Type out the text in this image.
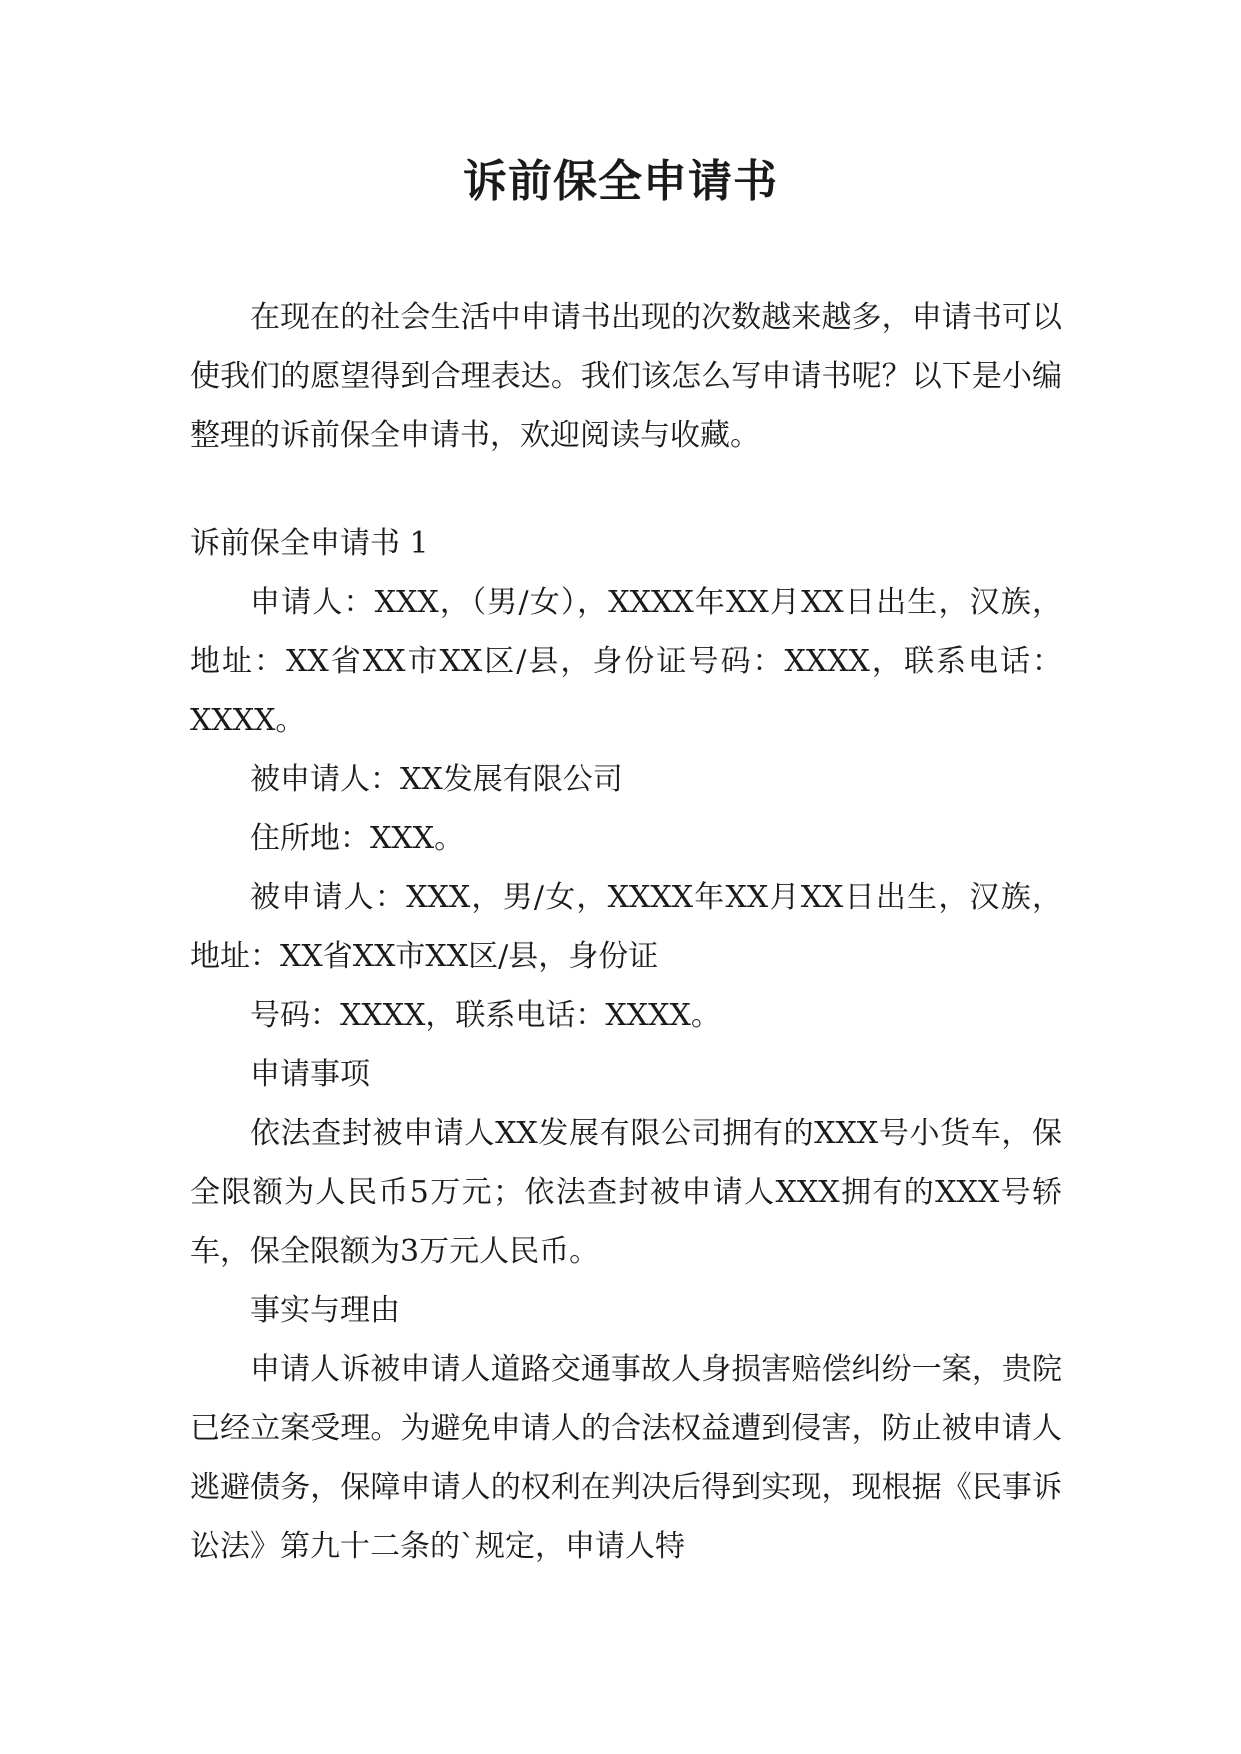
诉前保全申请书

在现在的社会生活中申请书出现的次数越来越多，申请书可以使我们的愿望得到合理表达。我们该怎么写申请书呢？以下是小编整理的诉前保全申请书，欢迎阅读与收藏。

诉前保全申请书 1

申请人：XXX，（男/女），XXXX年XX月XX日出生，汉族，地址：XX省XX市XX区/县，身份证号码：XXXX，联系电话：XXXX。

被申请人：XX发展有限公司

住所地：XXX。

被申请人：XXX，男/女，XXXX年XX月XX日出生，汉族，地址：XX省XX市XX区/县，身份证

号码：XXXX，联系电话：XXXX。

申请事项

依法查封被申请人XX发展有限公司拥有的XXX号小货车，保全限额为人民币5万元；依法查封被申请人XXX拥有的XXX号轿车，保全限额为3万元人民币。

事实与理由

申请人诉被申请人道路交通事故人身损害赔偿纠纷一案，贵院已经立案受理。为避免申请人的合法权益遭到侵害，防止被申请人逃避债务，保障申请人的权利在判决后得到实现，现根据《民事诉讼法》第九十二条的`规定，申请人特
